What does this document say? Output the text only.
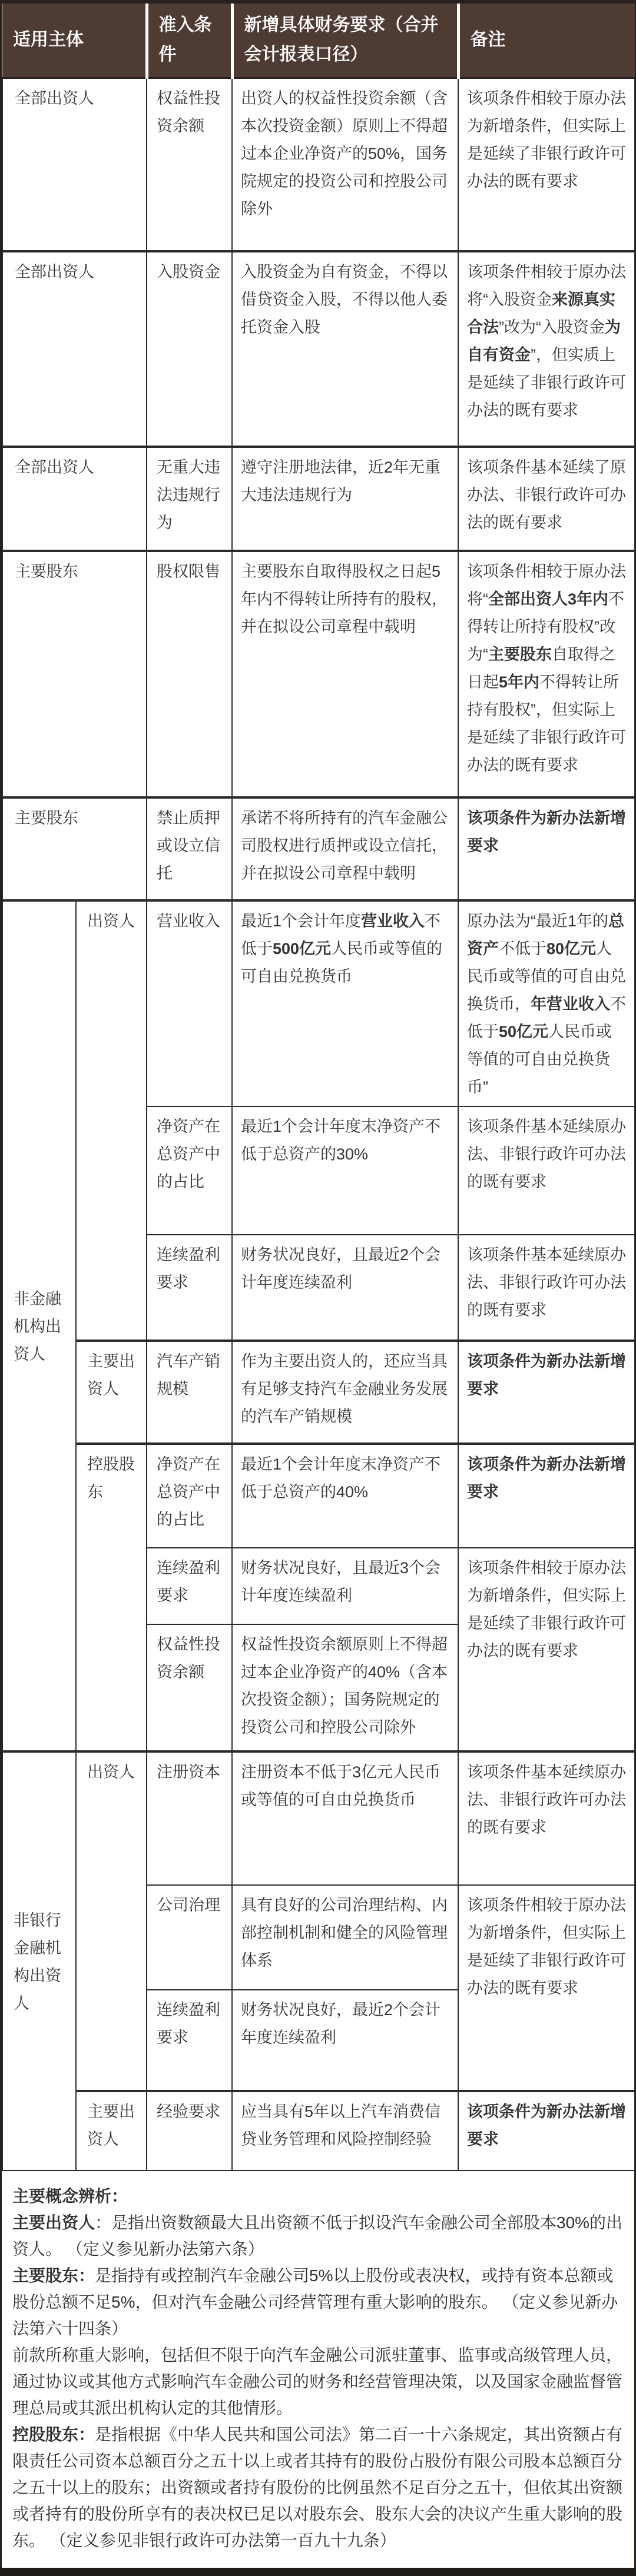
适用主体		准入条件	新增具体财务要求（合并会计报表口径）	备注
全部出资人		权益性投资余额	出资人的权益性投资余额（含本次投资金额）原则上不得超过本企业净资产的50%，国务院规定的投资公司和控股公司除外	该项条件相较于原办法为新增条件，但实际上是延续了非银行政许可办法的既有要求
全部出资人		入股资金	入股资金为自有资金，不得以借贷资金入股，不得以他人委托资金入股	该项条件相较于原办法将“入股资金来源真实合法”改为“入股资金为自有资金”，但实质上是延续了非银行政许可办法的既有要求
全部出资人		无重大违法违规行为	遵守注册地法律，近2年无重大违法违规行为	该项条件基本延续了原办法、非银行政许可办法的既有要求
主要股东		股权限售	主要股东自取得股权之日起5年内不得转让所持有的股权，并在拟设公司章程中载明	该项条件相较于原办法将“全部出资人3年内不得转让所持有股权”改为“主要股东自取得之日起5年内不得转让所持有股权”，但实际上是延续了非银行政许可办法的既有要求
主要股东		禁止质押或设立信托	承诺不将所持有的汽车金融公司股权进行质押或设立信托，并在拟设公司章程中载明	该项条件为新办法新增要求
非金融机构出资人	出资人	营业收入	最近1个会计年度营业收入不低于500亿元人民币或等值的可自由兑换货币	原办法为“最近1年的总资产不低于80亿元人民币或等值的可自由兑换货币，年营业收入不低于50亿元人民币或等值的可自由兑换货币”
		净资产在总资产中的占比	最近1个会计年度末净资产不低于总资产的30%	该项条件基本延续原办法、非银行政许可办法的既有要求
		连续盈利要求	财务状况良好，且最近2个会计年度连续盈利	该项条件基本延续原办法、非银行政许可办法的既有要求
	主要出资人	汽车产销规模	作为主要出资人的，还应当具有足够支持汽车金融业务发展的汽车产销规模	该项条件为新办法新增要求
	控股股东	净资产在总资产中的占比	最近1个会计年度末净资产不低于总资产的40%	该项条件为新办法新增要求
		连续盈利要求	财务状况良好，且最近3个会计年度连续盈利	该项条件相较于原办法为新增条件，但实际上是延续了非银行政许可办法的既有要求
		权益性投资余额	权益性投资余额原则上不得超过本企业净资产的40%（含本次投资金额）；国务院规定的投资公司和控股公司除外	
非银行金融机构出资人	出资人	注册资本	注册资本不低于3亿元人民币或等值的可自由兑换货币	该项条件基本延续原办法、非银行政许可办法的既有要求
		公司治理	具有良好的公司治理结构、内部控制机制和健全的风险管理体系	该项条件相较于原办法为新增条件，但实际上是延续了非银行政许可办法的既有要求
		连续盈利要求	财务状况良好，最近2个会计年度连续盈利	
	主要出资人	经验要求	应当具有5年以上汽车消费信贷业务管理和风险控制经验	该项条件为新办法新增要求

主要概念辨析：

主要出资人：是指出资数额最大且出资额不低于拟设汽车金融公司全部股本30%的出资人。 （定义参见新办法第六条）

主要股东：是指持有或控制汽车金融公司5%以上股份或表决权，或持有资本总额或股份总额不足5%，但对汽车金融公司经营管理有重大影响的股东。 （定义参见新办法第六十四条）

前款所称重大影响，包括但不限于向汽车金融公司派驻董事、监事或高级管理人员，通过协议或其他方式影响汽车金融公司的财务和经营管理决策，以及国家金融监督管理总局或其派出机构认定的其他情形。

控股股东：是指根据《中华人民共和国公司法》第二百一十六条规定，其出资额占有限责任公司资本总额百分之五十以上或者其持有的股份占股份有限公司股本总额百分之五十以上的股东；出资额或者持有股份的比例虽然不足百分之五十，但依其出资额或者持有的股份所享有的表决权已足以对股东会、股东大会的决议产生重大影响的股东。 （定义参见非银行政许可办法第一百九十九条）
